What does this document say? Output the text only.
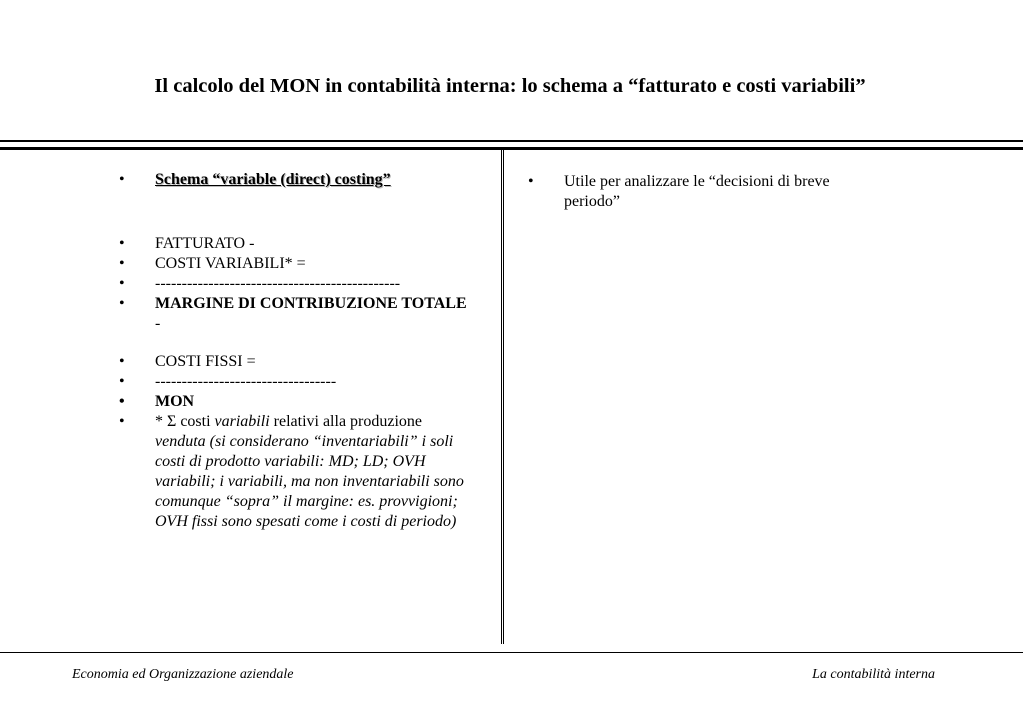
Il calcolo del MON in contabilità interna: lo schema a “fatturato e costi variabili”
• Schema “variable (direct) costing”
• FATTURATO -
• COSTI VARIABILI* =
• ----------------------------------------------
• MARGINE DI CONTRIBUZIONE TOTALE -
• COSTI FISSI =
• ----------------------------------
• MON
• * Σ costi variabili relativi alla produzione venduta (si considerano “inventariabili” i soli costi di prodotto variabili: MD; LD; OVH variabili; i variabili, ma non inventariabili sono comunque “sopra” il margine: es. provvigioni; OVH fissi sono spesati come i costi di periodo)
• Utile per analizzare le “decisioni di breve periodo”
Economia ed Organizzazione aziendale	La contabilità interna
